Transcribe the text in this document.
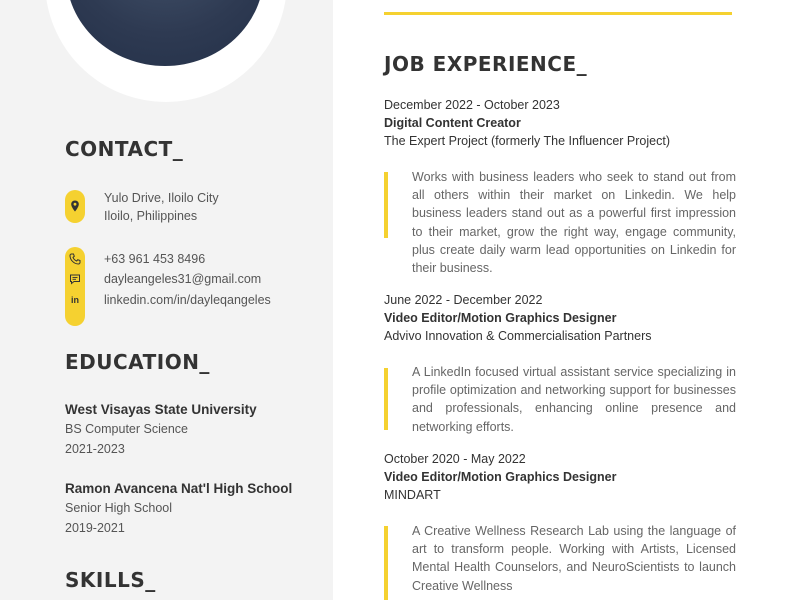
CONTACT_
Yulo Drive, Iloilo City
Iloilo, Philippines
in
+63 961 453 8496
dayleangeles31@gmail.com
linkedin.com/in/dayleqangeles
EDUCATION_
West Visayas State University
BS Computer Science
2021-2023
Ramon Avancena Nat'l High School
Senior High School
2019-2021
SKILLS_
JOB EXPERIENCE_
December 2022 - October 2023
Digital Content Creator
The Expert Project (formerly The Influencer Project)

Works with business leaders who seek to stand out from all others within their market on Linkedin. We help business leaders stand out as a powerful first impression to their market, grow the right way, engage community, plus create daily warm lead opportunities on Linkedin for their business.

June 2022 - December 2022
Video Editor/Motion Graphics Designer
Advivo Innovation & Commercialisation Partners

A LinkedIn focused virtual assistant service specializing in profile optimization and networking support for businesses and professionals, enhancing online presence and networking efforts.

October 2020 - May 2022
Video Editor/Motion Graphics Designer
MINDART

A Creative Wellness Research Lab using the language of art to transform people. Working with Artists, Licensed Mental Health Counselors, and NeuroScientists to launch Creative Wellness
